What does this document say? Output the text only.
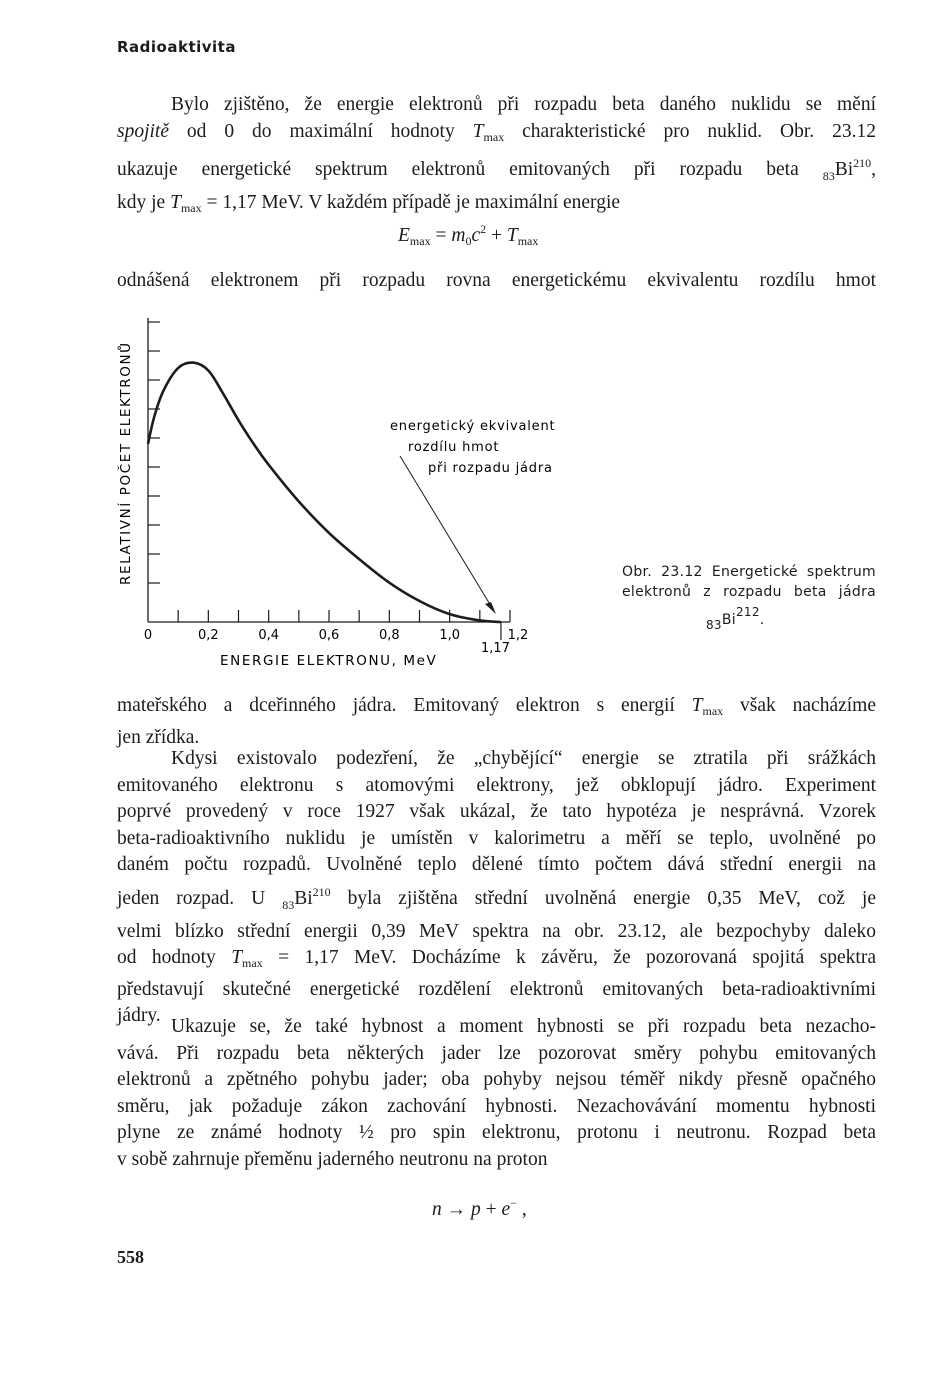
Radioaktivita
Bylo zjištěno, že energie elektronů při rozpadu beta daného nuklidu se mění
spojitě od 0 do maximální hodnoty $T_{max}$ charakteristické pro nuklid. Obr. 23.12
ukazuje energetické spektrum elektronů emitovaných při rozpadu beta $_{83}Bi^{210}$,
kdy je $T_{max} = 1,17$ MeV. V každém případě je maximální energie
$E_{max} = m_0c^2 + T_{max}$
odnášená elektronem při rozpadu rovna energetickému ekvivalentu rozdílu hmot
RELATIVNÍ POČET ELEKTRONŮ
0	0,2	0,4	0,6	0,8	1,0	1,2
1,17
ENERGIE ELEKTRONU, MeV
energetický ekvivalent
rozdílu hmot
při rozpadu jádra
Obr. 23.12 Energetické spektrum
elektronů z rozpadu beta jádra
83Bi212.
mateřského a dceřinného jádra. Emitovaný elektron s energií $T_{max}$ však nacházíme
jen zřídka.
Kdysi existovalo podezření, že „chybějící“ energie se ztratila při srážkách
emitovaného elektronu s atomovými elektrony, jež obklopují jádro. Experiment
poprvé provedený v roce 1927 však ukázal, že tato hypotéza je nesprávná. Vzorek
beta-radioaktivního nuklidu je umístěn v kalorimetru a měří se teplo, uvolněné po
daném počtu rozpadů. Uvolněné teplo dělené tímto počtem dává střední energii na
jeden rozpad. U $_{83}Bi^{210}$ byla zjištěna střední uvolněná energie 0,35 MeV, což je
velmi blízko střední energii 0,39 MeV spektra na obr. 23.12, ale bezpochyby daleko
od hodnoty $T_{max} = 1,17$ MeV. Docházíme k závěru, že pozorovaná spojitá spektra
představují skutečné energetické rozdělení elektronů emitovaných beta-radioaktivními
jádry.
Ukazuje se, že také hybnost a moment hybnosti se při rozpadu beta nezacho-
vává. Při rozpadu beta některých jader lze pozorovat směry pohybu emitovaných
elektronů a zpětného pohybu jader; oba pohyby nejsou téměř nikdy přesně opačného
směru, jak požaduje zákon zachování hybnosti. Nezachovávání momentu hybnosti
plyne ze známé hodnoty ½ pro spin elektronu, protonu i neutronu. Rozpad beta
v sobě zahrnuje přeměnu jaderného neutronu na proton
n → p + e− ,
558
